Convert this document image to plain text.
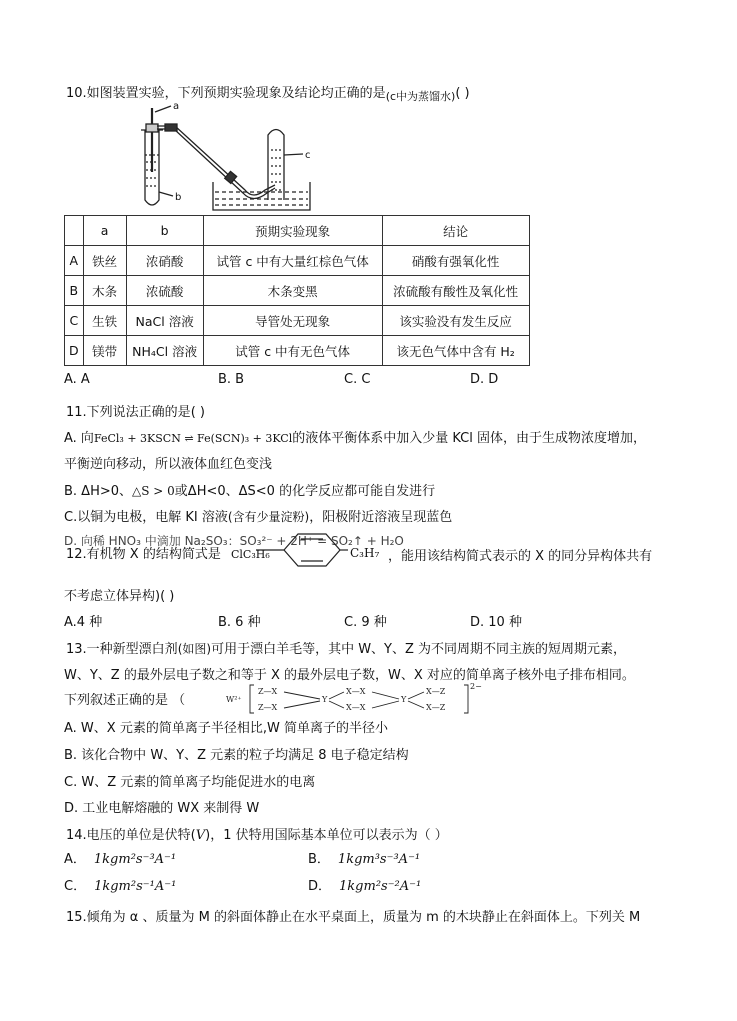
10.如图装置实验，下列预期实验现象及结论均正确的是$_{(c中为蒸馏水)}$( )
a
b
c
	a	b	预期实验现象	结论
A	铁丝	浓硝酸	试管 c 中有大量红棕色气体	硝酸有强氧化性
B	木条	浓硫酸	木条变黑	浓硫酸有酸性及氧化性
C	生铁	NaCl 溶液	导管处无现象	该实验没有发生反应
D	镁带	NH₄Cl 溶液	试管 c 中有无色气体	该无色气体中含有 H₂
A. A	B. B	C. C	D. D
11.下列说法正确的是( )
A. 向FeCl₃ + 3KSCN ⇌ Fe(SCN)₃ + 3KCl的液体平衡体系中加入少量 KCl 固体，由于生成物浓度增加，
平衡逆向移动，所以液体血红色变浅
B. ΔH>0、△S > 0或ΔH<0、ΔS<0 的化学反应都可能自发进行
C.以铜为电极，电解 KI 溶液(含有少量淀粉)，阳极附近溶液呈现蓝色
D. 向稀 HNO₃ 中滴加 Na₂SO₃：SO₃²⁻ + 2H⁺ = SO₂↑ + H₂O
12.有机物 X 的结构简式是 ClC₃H₆	C₃H₇ ，能用该结构简式表示的 X 的同分异构体共有
不考虑立体异构)( )
A.4 种	B. 6 种	C. 9 种	D. 10 种
13.一种新型漂白剂(如图)可用于漂白羊毛等，其中 W、Y、Z 为不同周期不同主族的短周期元素，
W、Y、Z 的最外层电子数之和等于 X 的最外层电子数，W、X 对应的简单离子核外电子排布相同。
下列叙述正确的是 （	W²⁺
Z—X
Z—X
Y
X—X
X—X
Y
X—Z
X—Z
2−
A. W、X 元素的简单离子半径相比,W 简单离子的半径小
B. 该化合物中 W、Y、Z 元素的粒子均满足 8 电子稳定结构
C. W、Z 元素的简单离子均能促进水的电离
D. 工业电解熔融的 WX 来制得 W
14.电压的单位是伏特(V)，1 伏特用国际基本单位可以表示为（ ）
A． 1kgm²s⁻³A⁻¹	B． 1kgm³s⁻³A⁻¹
C． 1kgm²s⁻¹A⁻¹	D． 1kgm²s⁻²A⁻¹
15.倾角为 α 、质量为 M 的斜面体静止在水平桌面上，质量为 m 的木块静止在斜面体上。下列关 M
